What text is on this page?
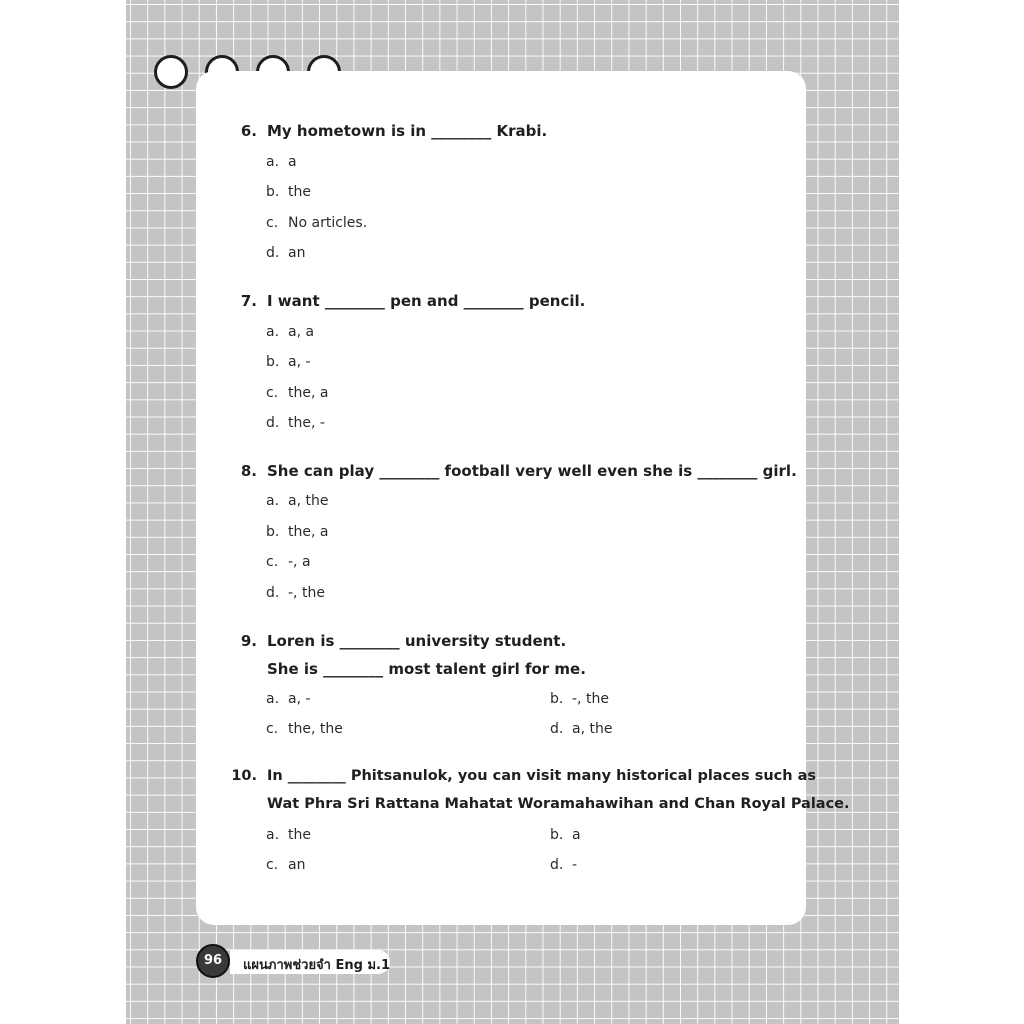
6. My hometown is in ________ Krabi.
a. a
b. the
c. No articles.
d. an
7. I want ________ pen and ________ pencil.
a. a, a
b. a, -
c. the, a
d. the, -
8. She can play ________ football very well even she is ________ girl.
a. a, the
b. the, a
c. -, a
d. -, the
9. Loren is ________ university student.
She is ________ most talent girl for me.
a. a, -	b. -, the
c. the, the	d. a, the
10. In ________ Phitsanulok, you can visit many historical places such as
Wat Phra Sri Rattana Mahatat Woramahawihan and Chan Royal Palace.
a. the	b. a
c. an	d. -
แผนภาพช่วยจำ Eng ม.1
96
